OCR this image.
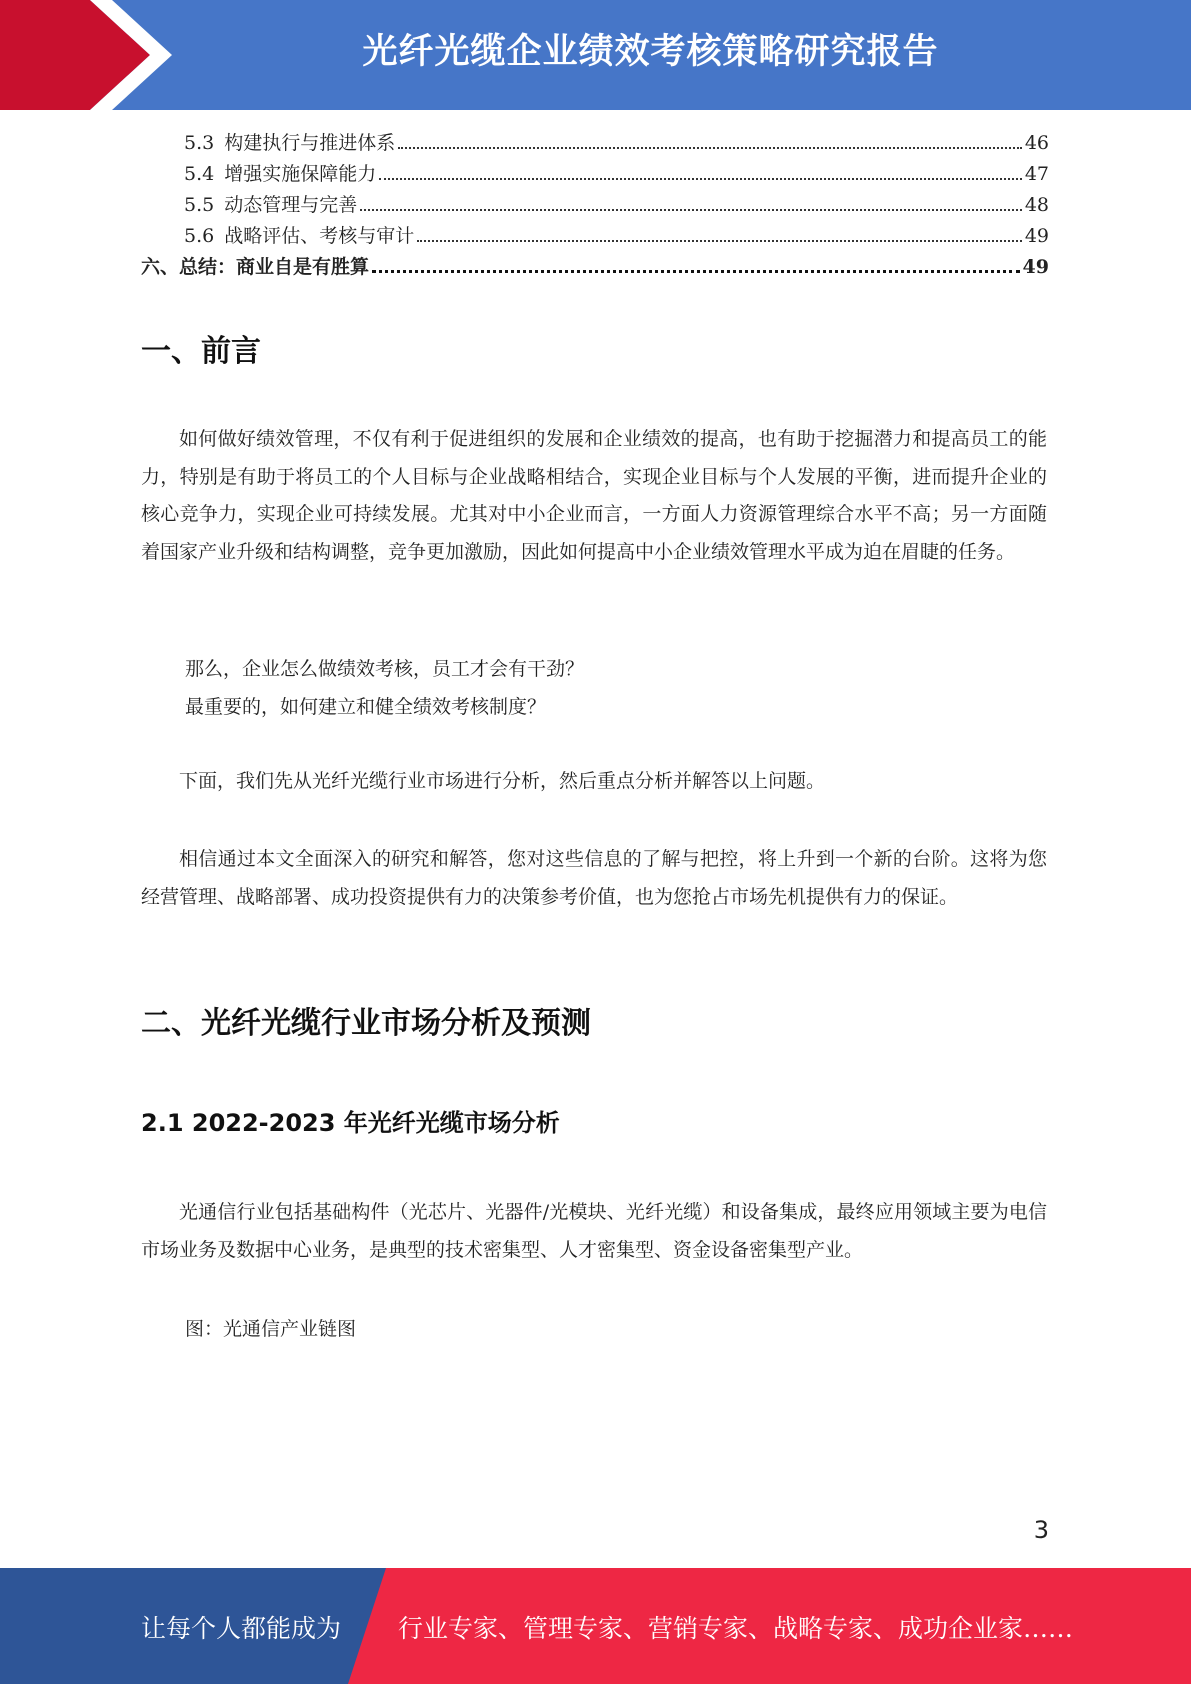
光纤光缆企业绩效考核策略研究报告
5.3 构建执行与推进体系	46
5.4 增强实施保障能力	47
5.5 动态管理与完善	48
5.6 战略评估、考核与审计	49
六、总结：商业自是有胜算	49
一、前言

如何做好绩效管理，不仅有利于促进组织的发展和企业绩效的提高，也有助于挖掘潜力和提高员工的能力，特别是有助于将员工的个人目标与企业战略相结合，实现企业目标与个人发展的平衡，进而提升企业的核心竞争力，实现企业可持续发展。尤其对中小企业而言，一方面人力资源管理综合水平不高；另一方面随着国家产业升级和结构调整，竞争更加激励，因此如何提高中小企业绩效管理水平成为迫在眉睫的任务。

那么，企业怎么做绩效考核，员工才会有干劲？

最重要的，如何建立和健全绩效考核制度？

下面，我们先从光纤光缆行业市场进行分析，然后重点分析并解答以上问题。

相信通过本文全面深入的研究和解答，您对这些信息的了解与把控，将上升到一个新的台阶。这将为您经营管理、战略部署、成功投资提供有力的决策参考价值，也为您抢占市场先机提供有力的保证。

二、光纤光缆行业市场分析及预测
2.1 2022-2023 年光纤光缆市场分析

光通信行业包括基础构件（光芯片、光器件/光模块、光纤光缆）和设备集成，最终应用领域主要为电信市场业务及数据中心业务，是典型的技术密集型、人才密集型、资金设备密集型产业。

图：光通信产业链图

3
让每个人都能成为 行业专家、管理专家、营销专家、战略专家、成功企业家……
